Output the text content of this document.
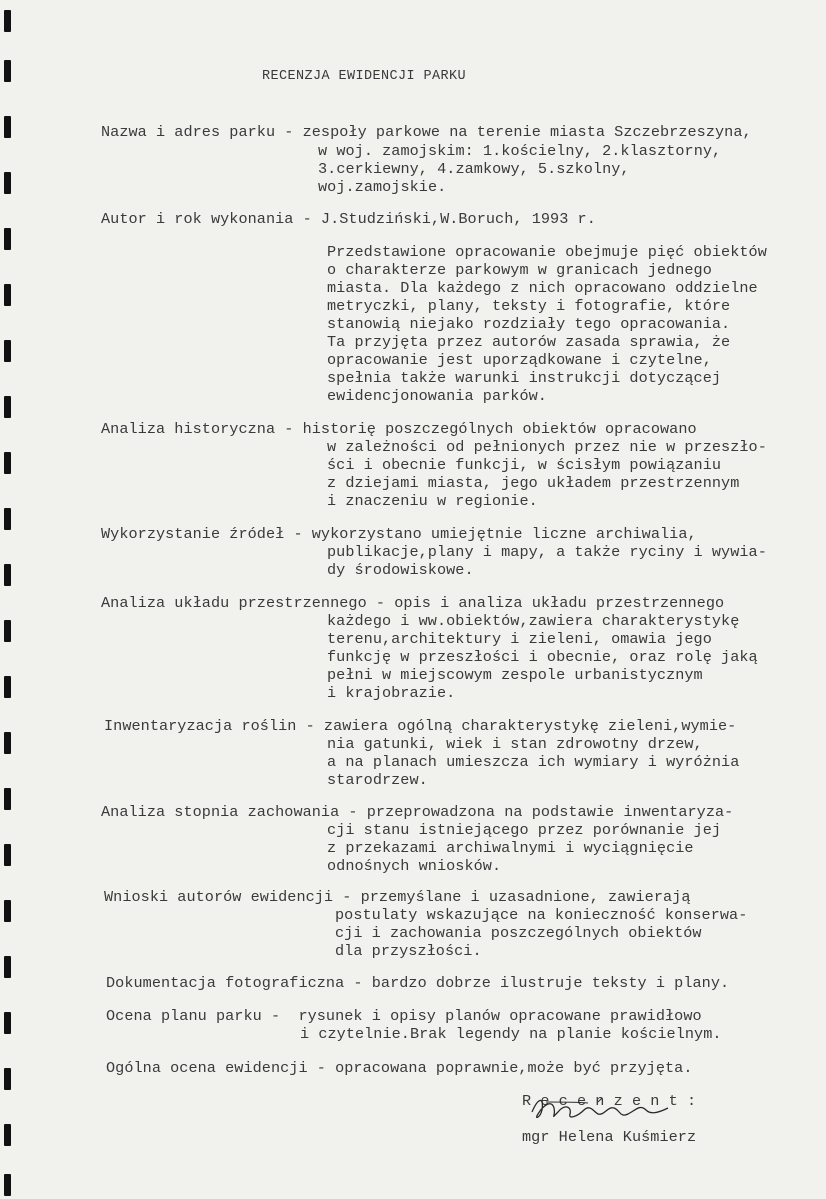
RECENZJA EWIDENCJI PARKU
Nazwa i adres parku - zespoły parkowe na terenie miasta Szczebrzeszyna,
w woj. zamojskim: 1.kościelny, 2.klasztorny,
3.cerkiewny, 4.zamkowy, 5.szkolny,
woj.zamojskie.
Autor i rok wykonania - J.Studziński,W.Boruch, 1993 r.
Przedstawione opracowanie obejmuje pięć obiektów
o charakterze parkowym w granicach jednego
miasta. Dla każdego z nich opracowano oddzielne
metryczki, plany, teksty i fotografie, które
stanowią niejako rozdziały tego opracowania.
Ta przyjęta przez autorów zasada sprawia, że
opracowanie jest uporządkowane i czytelne,
spełnia także warunki instrukcji dotyczącej
ewidencjonowania parków.
Analiza historyczna - historię poszczególnych obiektów opracowano
w zależności od pełnionych przez nie w przeszło-
ści i obecnie funkcji, w ścisłym powiązaniu
z dziejami miasta, jego układem przestrzennym
i znaczeniu w regionie.
Wykorzystanie źródeł - wykorzystano umiejętnie liczne archiwalia,
publikacje,plany i mapy, a także ryciny i wywia-
dy środowiskowe.
Analiza układu przestrzennego - opis i analiza układu przestrzennego
każdego i ww.obiektów,zawiera charakterystykę
terenu,architektury i zieleni, omawia jego
funkcję w przeszłości i obecnie, oraz rolę jaką
pełni w miejscowym zespole urbanistycznym
i krajobrazie.
Inwentaryzacja roślin - zawiera ogólną charakterystykę zieleni,wymie-
nia gatunki, wiek i stan zdrowotny drzew,
a na planach umieszcza ich wymiary i wyróżnia
starodrzew.
Analiza stopnia zachowania - przeprowadzona na podstawie inwentaryza-
cji stanu istniejącego przez porównanie jej
z przekazami archiwalnymi i wyciągnięcie
odnośnych wniosków.
Wnioski autorów ewidencji - przemyślane i uzasadnione, zawierają
postulaty wskazujące na konieczność konserwa-
cji i zachowania poszczególnych obiektów
dla przyszłości.
Dokumentacja fotograficzna - bardzo dobrze ilustruje teksty i plany.
Ocena planu parku -  rysunek i opisy planów opracowane prawidłowo
i czytelnie.Brak legendy na planie kościelnym.
Ogólna ocena ewidencji - opracowana poprawnie,może być przyjęta.
R e c e n z e n t :
mgr Helena Kuśmierz
